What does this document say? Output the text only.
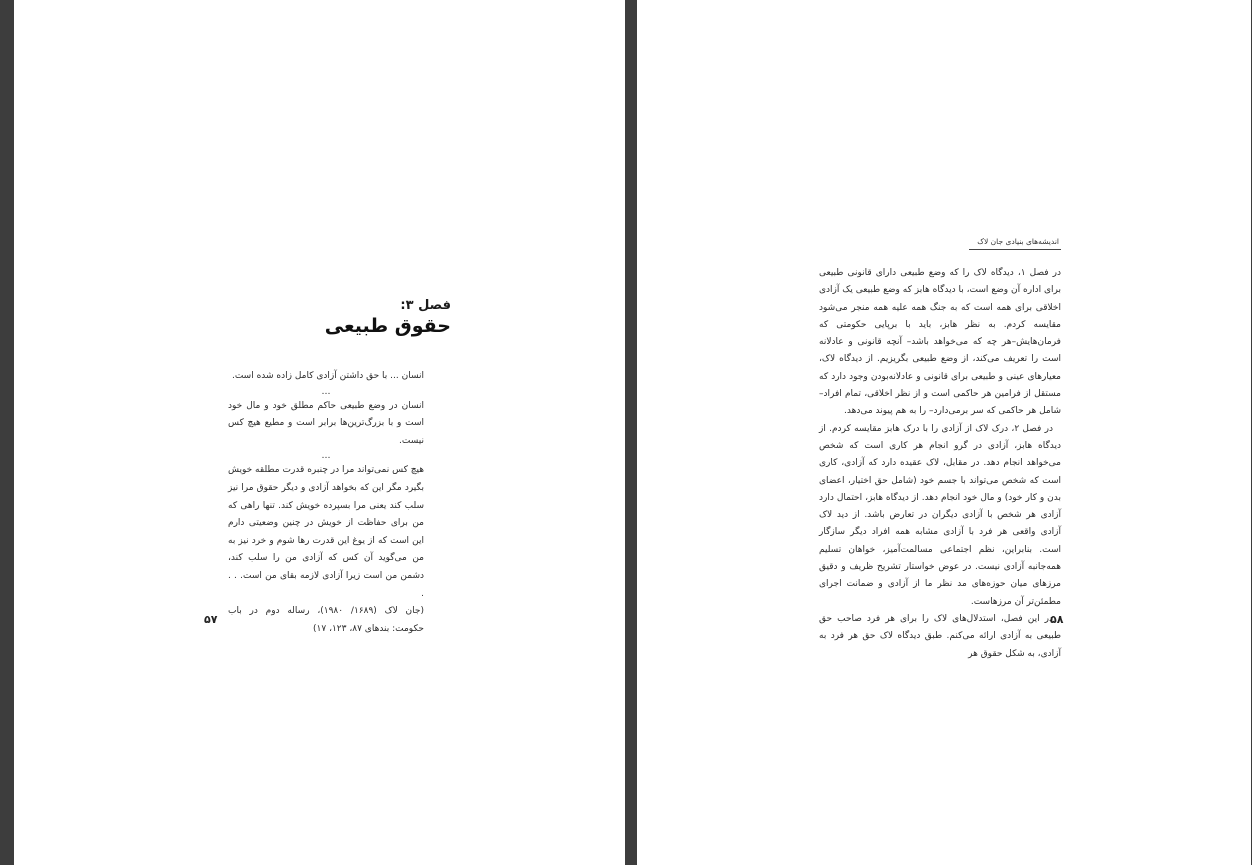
فصل ۳:
حقوق طبیعی

انسان ... با حق داشتن آزادی کامل زاده شده است.

…

انسان در وضع طبیعی حاکم مطلق خود و مال خود است و با بزرگ‌ترین‌ها برابر است و مطیع هیچ کس نیست.

…

هیچ کس نمی‌تواند مرا در چنبره قدرت مطلقه خویش بگیرد مگر این که بخواهد آزادی و دیگر حقوق مرا نیز سلب کند یعنی مرا بسپرده خویش کند. تنها راهی که من برای حفاظت از خویش در چنین وضعیتی دارم این است که از یوغ این قدرت رها شوم و خرد نیز به من می‌گوید آن کس که آزادی من را سلب کند، دشمن من است زیرا آزادی لازمه بقای من است. . . .

(جان لاک (۱۶۸۹/ ۱۹۸۰)، رساله دوم در باب حکومت: بندهای ۸۷، ۱۲۳، ۱۷)

۵۷
اندیشه‌های بنیادی جان لاک

در فصل ۱، دیدگاه لاک را که وضع طبیعی دارای قانونی طبیعی برای اداره آن وضع است، با دیدگاه هابز که وضع طبیعی یک آزادی اخلاقی برای همه است که به جنگ همه علیه همه منجر می‌شود مقایسه کردم. به نظر هابز، باید با برپایی حکومتی که فرمان‌هایش–هر چه که می‌خواهد باشد– آنچه قانونی و عادلانه است را تعریف می‌کند، از وضع طبیعی بگریزیم. از دیدگاه لاک، معیارهای عینی و طبیعی برای قانونی و عادلانه‌بودن وجود دارد که مستقل از فرامین هر حاکمی است و از نظر اخلاقی، تمام افراد– شامل هر حاکمی که سر برمی‌دارد– را به هم پیوند می‌دهد.

در فصل ۲، درک لاک از آزادی را با درک هابز مقایسه کردم. از دیدگاه هابز، آزادی در گرو انجام هر کاری است که شخص می‌خواهد انجام دهد. در مقابل، لاک عقیده دارد که آزادی، کاری است که شخص می‌تواند با جسم خود (شامل حق اختیار، اعضای بدن و کار خود) و مال خود انجام دهد. از دیدگاه هابز، احتمال دارد آزادی هر شخص با آزادی دیگران در تعارض باشد. از دید لاک آزادی واقعی هر فرد با آزادی مشابه همه افراد دیگر سازگار است. بنابراین، نظم اجتماعی مسالمت‌آمیز، خواهان تسلیم همه‌جانبه آزادی نیست. در عوض خواستار تشریح ظریف و دقیق مرزهای میان حوزه‌های مد نظر ما از آزادی و ضمانت اجرای مطمئن‌تر آن مرزهاست.

در این فصل، استدلال‌های لاک را برای هر فرد صاحب حق طبیعی به آزادی ارائه می‌کنم. طبق دیدگاه لاک حق هر فرد به آزادی، به شکل حقوق هر

۵۸
